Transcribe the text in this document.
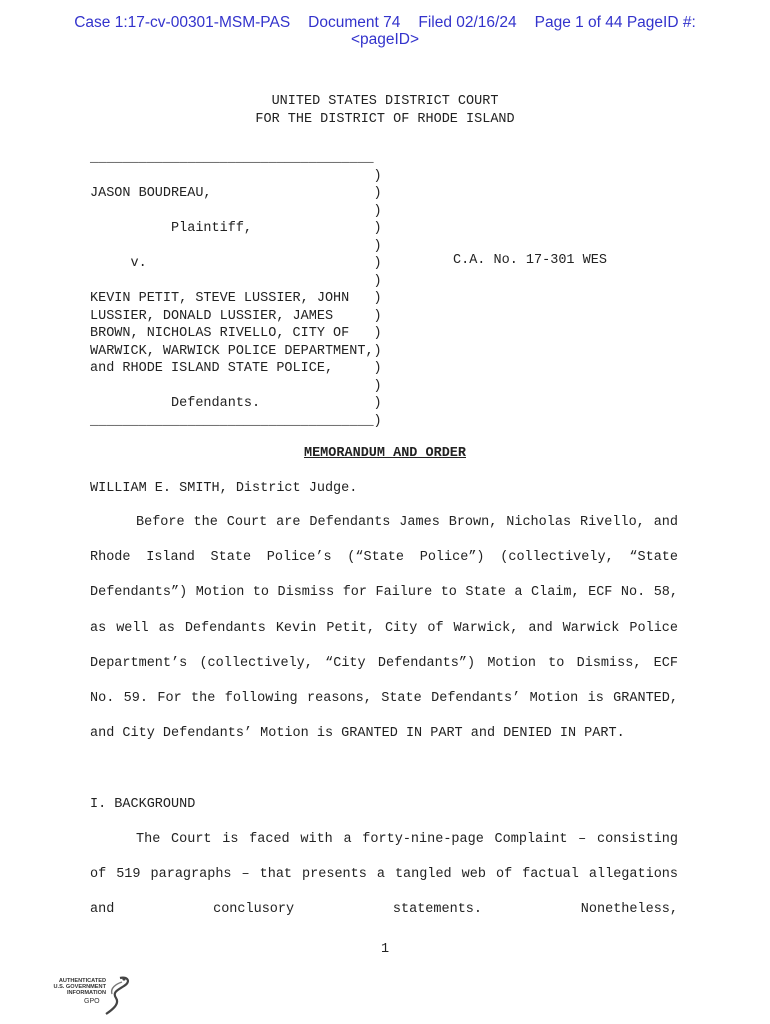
Case 1:17-cv-00301-MSM-PAS Document 74 Filed 02/16/24 Page 1 of 44 PageID #:
<pageID>
UNITED STATES DISTRICT COURT
FOR THE DISTRICT OF RHODE ISLAND
___________________________________
)
JASON BOUDREAU,                    )
)
Plaintiff,               )
)
v.                            )
)
KEVIN PETIT, STEVE LUSSIER, JOHN   )
LUSSIER, DONALD LUSSIER, JAMES     )
BROWN, NICHOLAS RIVELLO, CITY OF   )
WARWICK, WARWICK POLICE DEPARTMENT,)
and RHODE ISLAND STATE POLICE,     )
)
Defendants.              )
___________________________________)
C.A. No. 17-301 WES
MEMORANDUM AND ORDER
WILLIAM E. SMITH, District Judge.
Before the Court are Defendants James Brown, Nicholas Rivello, and Rhode Island State Police’s (“State Police”) (collectively, “State Defendants”) Motion to Dismiss for Failure to State a Claim, ECF No. 58, as well as Defendants Kevin Petit, City of Warwick, and Warwick Police Department’s (collectively, “City Defendants”) Motion to Dismiss, ECF No. 59. For the following reasons, State Defendants’ Motion is GRANTED, and City Defendants’ Motion is GRANTED IN PART and DENIED IN PART.
I. BACKGROUND
The Court is faced with a forty-nine-page Complaint – consisting of 519 paragraphs – that presents a tangled web of factual allegations and conclusory statements. Nonetheless,
1
AUTHENTICATED
U.S. GOVERNMENT
INFORMATION
GPO
